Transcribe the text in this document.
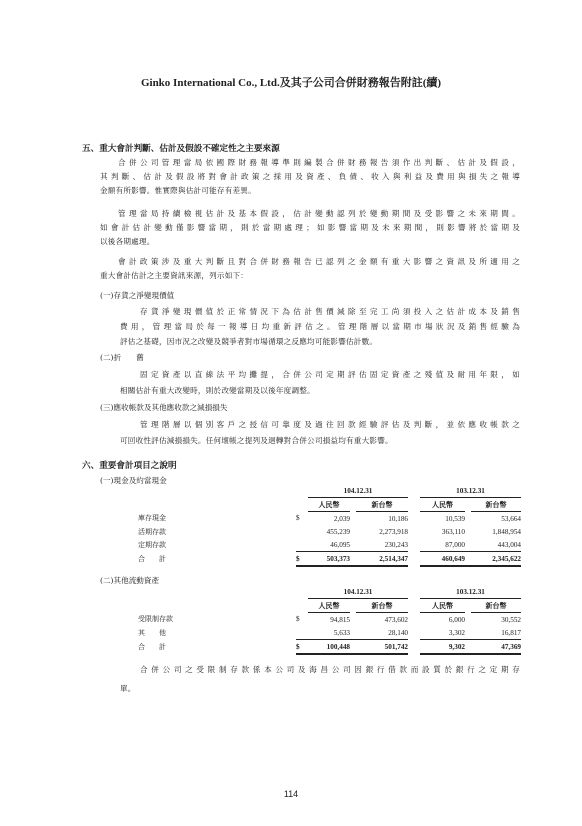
Ginko International Co., Ltd.及其子公司合併財務報告附註(續)
五、重大會計判斷、估計及假設不確定性之主要來源
合併公司管理當局依國際財務報導準則編製合併財務報告須作出判斷、估計及假設，
其判斷、估計及假設將對會計政策之採用及資產、負債、收入與利益及費用與損失之報導
金額有所影響。惟實際與估計可能存有差異。
管理當局持續檢視估計及基本假設，估計變動認列於變動期間及受影響之未來期間。
如會計估計變動僅影響當期，則於當期處理；如影響當期及未來期間，則影響將於當期及
以後各期處理。
會計政策涉及重大判斷且對合併財務報告已認列之金額有重大影響之資訊及所適用之
重大會計估計之主要資訊來源，列示如下：
(一)存貨之淨變現價值
存貨淨變現價值於正常情況下為估計售價減除至完工尚須投入之估計成本及銷售
費用，管理當局於每一報導日均重新評估之。管理階層以當期市場狀況及銷售經驗為
評估之基礎，因市況之改變及競爭者對市場循環之反應均可能影響估計數。
(二)折　　舊
固定資產以直線法平均攤提，合併公司定期評估固定資產之殘值及耐用年限，如
相關估計有重大改變時，則於改變當期及以後年度調整。
(三)應收帳款及其他應收款之減損損失
管理階層以個別客戶之授信可靠度及過往回款經驗評估及判斷，並依應收帳款之
可回收性評估減損損失。任何壞帳之提列及迴轉對合併公司損益均有重大影響。
六、重要會計項目之說明
(一)現金及約當現金
		104.12.31				103.12.31		
		人民幣		新台幣		人民幣		新台幣
庫存現金	$	2,039		10,186		10,539		53,664
活期存款		455,239		2,273,918		363,110		1,848,954
定期存款		46,095		230,243		87,000		443,004
合　　計	$	503,373		2,514,347		460,649		2,345,622
(二)其他流動資產
		104.12.31				103.12.31		
		人民幣		新台幣		人民幣		新台幣
受限制存款	$	94,815		473,602		6,000		30,552
其　　他		5,633		28,140		3,302		16,817
合　　計	$	100,448		501,742		9,302		47,369
合併公司之受限制存款係本公司及海昌公司因銀行借款而設質於銀行之定期存
單。
114
